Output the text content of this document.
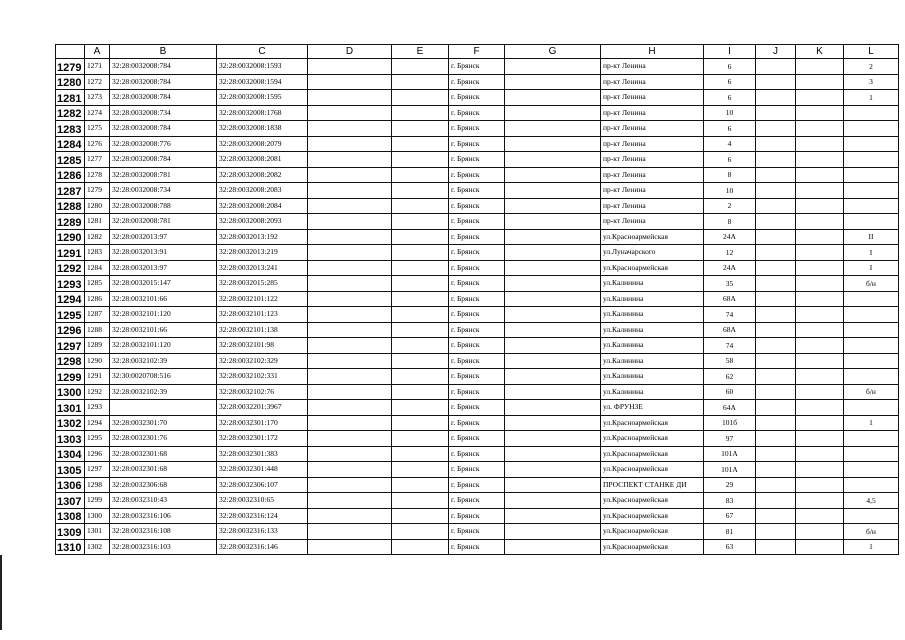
	A	B	C	D	E	F	G	H	I	J	K	L
1279	1271	32:28:0032008:784	32:28:0032008:1593			г. Брянск		пр-кт Ленина	6			2
1280	1272	32:28:0032008:784	32:28:0032008:1594			г. Брянск		пр-кт Ленина	6			3
1281	1273	32:28:0032008:784	32:28:0032008:1595			г. Брянск		пр-кт Ленина	6			1
1282	1274	32:28:0032008:734	32:28:0032008:1768			г. Брянск		пр-кт Ленина	10			
1283	1275	32:28:0032008:784	32:28:0032008:1838			г. Брянск		пр-кт Ленина	6			
1284	1276	32:28:0032008:776	32:28:0032008:2079			г. Брянск		пр-кт Ленина	4			
1285	1277	32:28:0032008:784	32:28:0032008:2081			г. Брянск		пр-кт Ленина	6			
1286	1278	32:28:0032008:781	32:28:0032008:2082			г. Брянск		пр-кт Ленина	8			
1287	1279	32:28:0032008:734	32:28:0032008:2083			г. Брянск		пр-кт Ленина	10			
1288	1280	32:28:0032008:788	32:28:0032008:2084			г. Брянск		пр-кт Ленина	2			
1289	1281	32:28:0032008:781	32:28:0032008:2093			г. Брянск		пр-кт Ленина	8			
1290	1282	32:28:0032013:97	32:28:0032013:192			г. Брянск		ул.Красноармейская	24А			II
1291	1283	32:28:0032013:91	32:28:0032013:219			г. Брянск		ул.Луначарского	12			I
1292	1284	32:28:0032013:97	32:28:0032013:241			г. Брянск		ул.Красноармейская	24А			I
1293	1285	32:28:0032015:147	32:28:0032015:285			г. Брянск		ул.Калинина	35			б/н
1294	1286	32:28:0032101:66	32:28:0032101:122			г. Брянск		ул.Калинина	68А			
1295	1287	32:28:0032101:120	32:28:0032101:123			г. Брянск		ул.Калинина	74			
1296	1288	32:28:0032101:66	32:28:0032101:138			г. Брянск		ул.Калинина	68А			
1297	1289	32:28:0032101:120	32:28:0032101:98			г. Брянск		ул.Калинина	74			
1298	1290	32:28:0032102:39	32:28:0032102:329			г. Брянск		ул.Калинина	58			
1299	1291	32:30:0020708:516	32:28:0032102:331			г. Брянск		ул.Калинина	62			
1300	1292	32:28:0032102:39	32:28:0032102:76			г. Брянск		ул.Калинина	60			б/н
1301	1293		32:28:0032201:3967			г. Брянск		ул. ФРУНЗЕ	64А			
1302	1294	32:28:0032301:70	32:28:0032301:170			г. Брянск		ул.Красноармейская	101б			1
1303	1295	32:28:0032301:76	32:28:0032301:172			г. Брянск		ул.Красноармейская	97			
1304	1296	32:28:0032301:68	32:28:0032301:383			г. Брянск		ул.Красноармейская	101А			
1305	1297	32:28:0032301:68	32:28:0032301:448			г. Брянск		ул.Красноармейская	101А			
1306	1298	32:28:0032306:68	32:28:0032306:107			г. Брянск		ПРОСПЕКТ СТАНКЕ ДИ	29			
1307	1299	32:28:0032310:43	32:28:0032310:65			г. Брянск		ул.Красноармейская	83			4,5
1308	1300	32:28:0032316:106	32:28:0032316:124			г. Брянск		ул.Красноармейская	67			
1309	1301	32:28:0032316:108	32:28:0032316:133			г. Брянск		ул.Красноармейская	81			б/н
1310	1302	32:28:0032316:103	32:28:0032316:146			г. Брянск		ул.Красноармейская	63			1
